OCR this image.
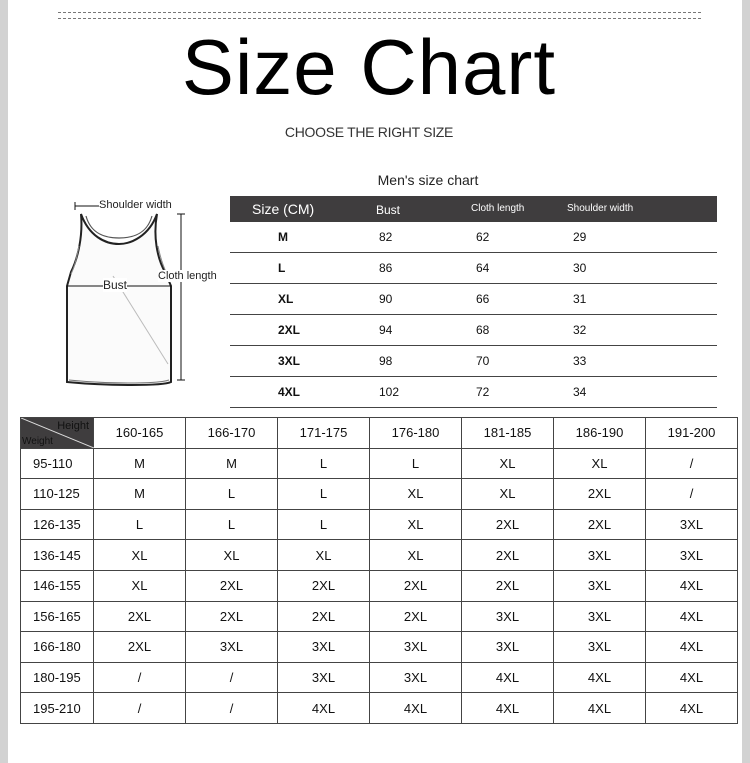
Size Chart
CHOOSE THE RIGHT SIZE
Men's size chart
Shoulder width
Bust
Cloth length
Size (CM)	Bust	Cloth length	Shoulder width
M	82	62	29
L	86	64	30
XL	90	66	31
2XL	94	68	32
3XL	98	70	33
4XL	102	72	34
Height
Weight	160-165	166-170	171-175	176-180	181-185	186-190	191-200
95-110	M	M	L	L	XL	XL	/
110-125	M	L	L	XL	XL	2XL	/
126-135	L	L	L	XL	2XL	2XL	3XL
136-145	XL	XL	XL	XL	2XL	3XL	3XL
146-155	XL	2XL	2XL	2XL	2XL	3XL	4XL
156-165	2XL	2XL	2XL	2XL	3XL	3XL	4XL
166-180	2XL	3XL	3XL	3XL	3XL	3XL	4XL
180-195	/	/	3XL	3XL	4XL	4XL	4XL
195-210	/	/	4XL	4XL	4XL	4XL	4XL
